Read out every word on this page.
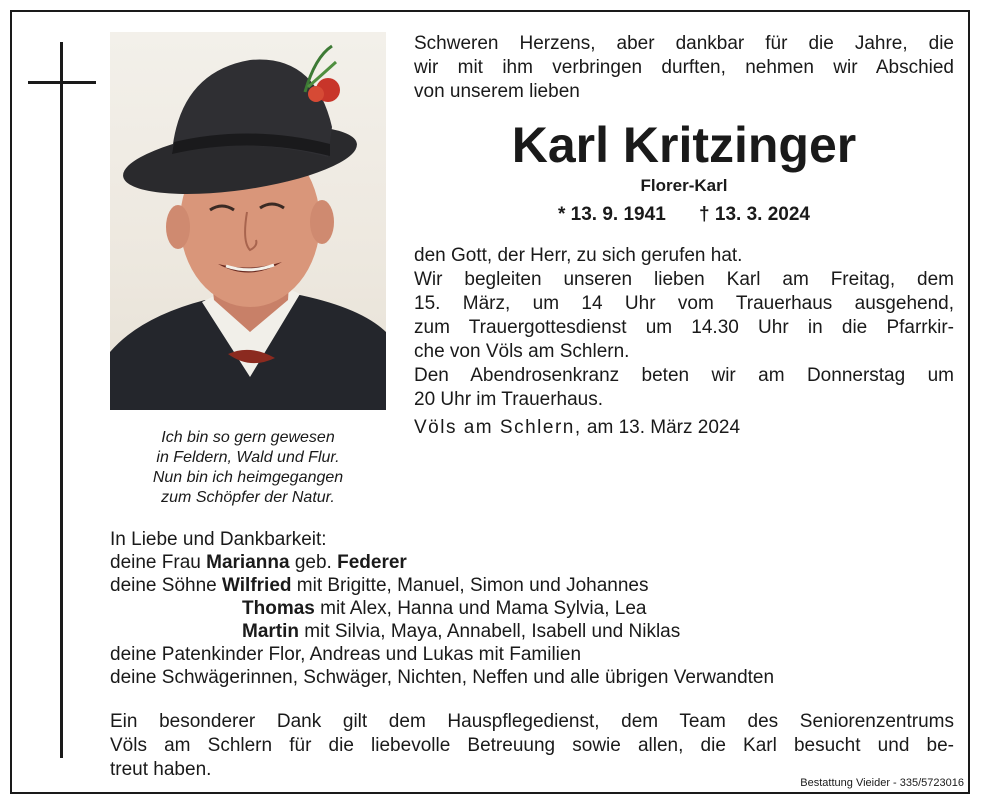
Ich bin so gern gewesen
in Feldern, Wald und Flur.
Nun bin ich heimgegangen
zum Schöpfer der Natur.
Schweren Herzens, aber dankbar für die Jahre, die
wir mit ihm verbringen durften, nehmen wir Abschied
von unserem lieben
Karl Kritzinger
Florer-Karl
* 13. 9. 1941 † 13. 3. 2024
den Gott, der Herr, zu sich gerufen hat.
Wir begleiten unseren lieben Karl am Freitag, dem
15. März, um 14 Uhr vom Trauerhaus ausgehend,
zum Trauergottesdienst um 14.30 Uhr in die Pfarrkir-
che von Völs am Schlern.
Den Abendrosenkranz beten wir am Donnerstag um
20 Uhr im Trauerhaus.
Völs am Schlern, am 13. März 2024
In Liebe und Dankbarkeit:
deine Frau Marianna geb. Federer
deine Söhne Wilfried mit Brigitte, Manuel, Simon und Johannes
Thomas mit Alex, Hanna und Mama Sylvia, Lea
Martin mit Silvia, Maya, Annabell, Isabell und Niklas
deine Patenkinder Flor, Andreas und Lukas mit Familien
deine Schwägerinnen, Schwäger, Nichten, Neffen und alle übrigen Verwandten
Ein besonderer Dank gilt dem Hauspflegedienst, dem Team des Seniorenzentrums
Völs am Schlern für die liebevolle Betreuung sowie allen, die Karl besucht und be-
treut haben.
Bestattung Vieider - 335/5723016
